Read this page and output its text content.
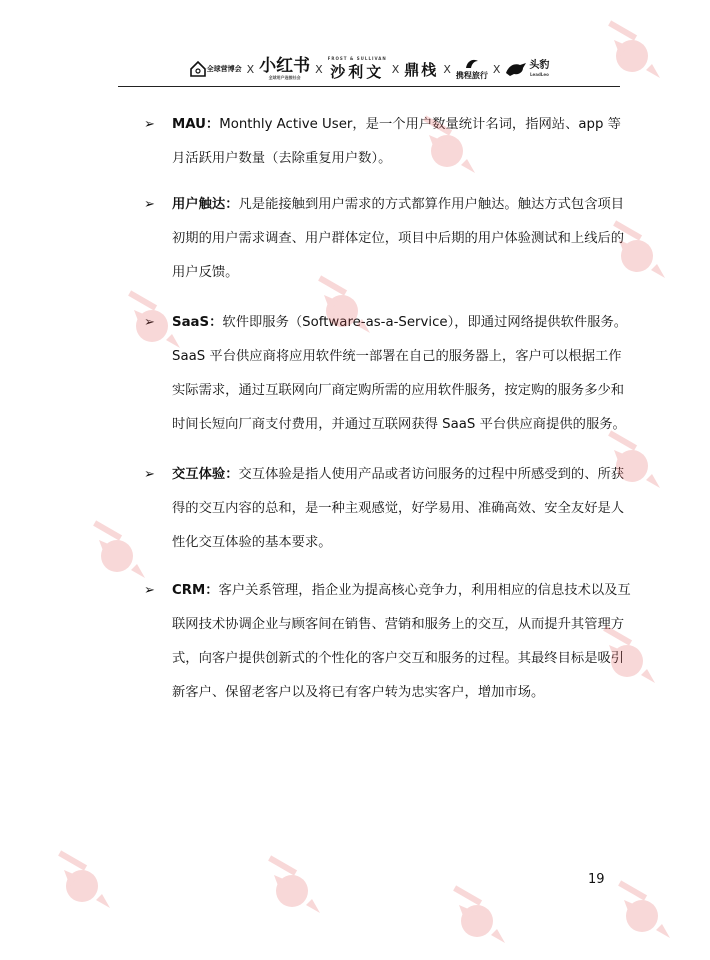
全球营博会 X 小红书
全球用户连接社会
X
FROST & SULLIVAN
沙利文 X 鼎栈 X 携程旅行 X	头豹
LeadLeo
➢ MAU：Monthly Active User，是一个用户数量统计名词，指网站、app 等月活跃用户数量（去除重复用户数）。
➢ 用户触达：凡是能接触到用户需求的方式都算作用户触达。触达方式包含项目初期的用户需求调查、用户群体定位，项目中后期的用户体验测试和上线后的用户反馈。
➢ SaaS：软件即服务（Software-as-a-Service），即通过网络提供软件服务。SaaS 平台供应商将应用软件统一部署在自己的服务器上，客户可以根据工作实际需求，通过互联网向厂商定购所需的应用软件服务，按定购的服务多少和时间长短向厂商支付费用，并通过互联网获得 SaaS 平台供应商提供的服务。
➢ 交互体验：交互体验是指人使用产品或者访问服务的过程中所感受到的、所获得的交互内容的总和，是一种主观感觉，好学易用、准确高效、安全友好是人性化交互体验的基本要求。
➢ CRM：客户关系管理，指企业为提高核心竞争力，利用相应的信息技术以及互联网技术协调企业与顾客间在销售、营销和服务上的交互，从而提升其管理方式，向客户提供创新式的个性化的客户交互和服务的过程。其最终目标是吸引新客户、保留老客户以及将已有客户转为忠实客户，增加市场。
19
